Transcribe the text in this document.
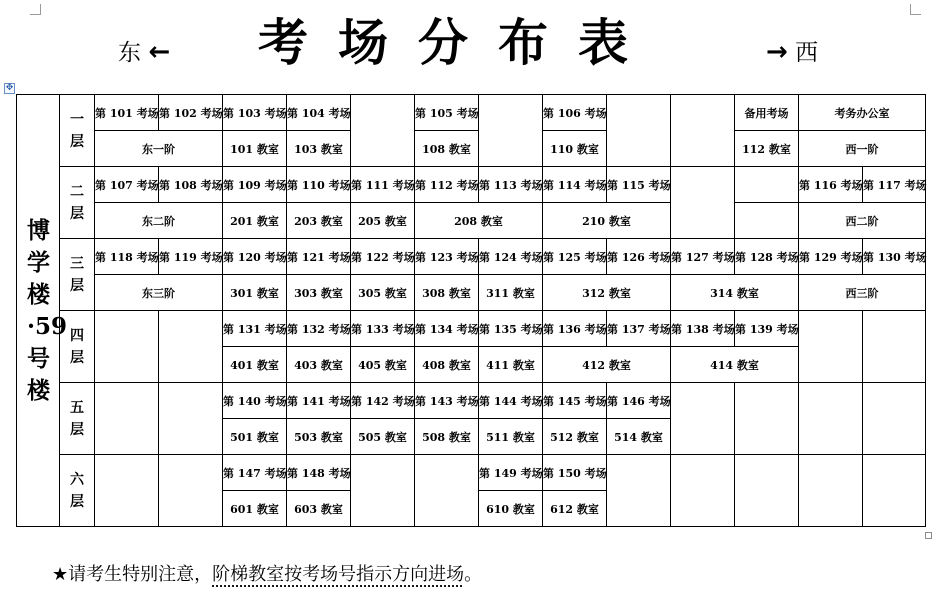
考场分布表
东 ←	→ 西
✥
博学楼·59号楼	一层	第 101 考场	第 102 考场	第 103 考场	第 104 考场		第 105 考场		第 106 考场			备用考场	考务办公室	
		东一阶		101 教室	103 教室		108 教室		110 教室			112 教室	西一阶	
	二层	第 107 考场	第 108 考场	第 109 考场	第 110 考场	第 111 考场	第 112 考场	第 113 考场	第 114 考场	第 115 考场			第 116 考场	第 117 考场
		东二阶		201 教室	203 教室	205 教室	208 教室		210 教室				西二阶	
	三层	第 118 考场	第 119 考场	第 120 考场	第 121 考场	第 122 考场	第 123 考场	第 124 考场	第 125 考场	第 126 考场	第 127 考场	第 128 考场	第 129 考场	第 130 考场
		东三阶		301 教室	303 教室	305 教室	308 教室	311 教室	312 教室		314 教室		西三阶	
	四层			第 131 考场	第 132 考场	第 133 考场	第 134 考场	第 135 考场	第 136 考场	第 137 考场	第 138 考场	第 139 考场		
				401 教室	403 教室	405 教室	408 教室	411 教室	412 教室		414 教室			
	五层			第 140 考场	第 141 考场	第 142 考场	第 143 考场	第 144 考场	第 145 考场	第 146 考场				
				501 教室	503 教室	505 教室	508 教室	511 教室	512 教室	514 教室				
	六层			第 147 考场	第 148 考场			第 149 考场	第 150 考场					
				601 教室	603 教室			610 教室	612 教室					
★请考生特别注意，阶梯教室按考场号指示方向进场。
